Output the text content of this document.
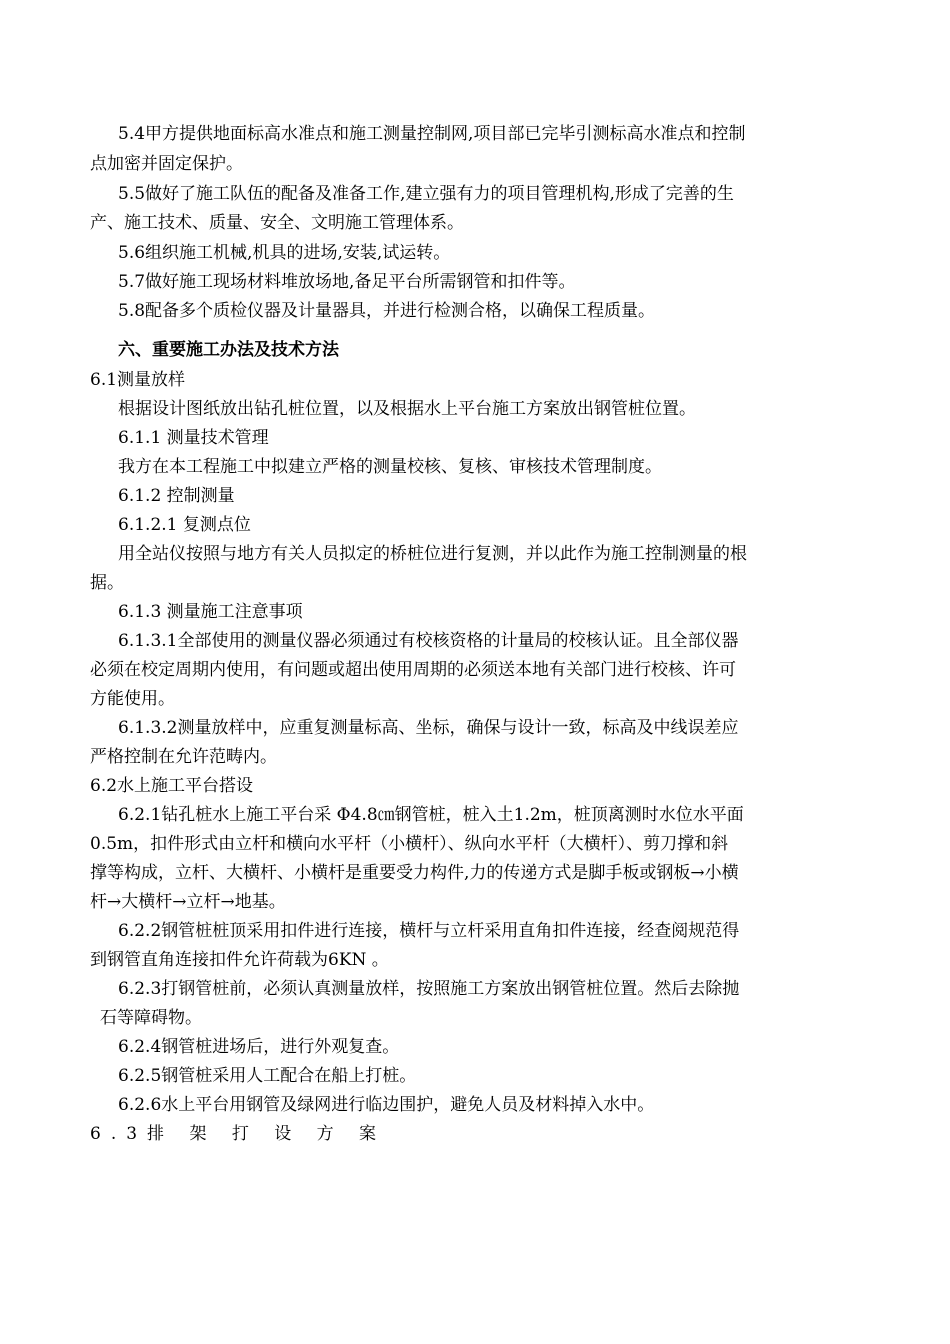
5.4甲方提供地面标高水准点和施工测量控制网,项目部已完毕引测标高水准点和控制
点加密并固定保护。
5.5做好了施工队伍的配备及准备工作,建立强有力的项目管理机构,形成了完善的生
产、施工技术、质量、安全、文明施工管理体系。
5.6组织施工机械,机具的进场,安装,试运转。
5.7做好施工现场材料堆放场地,备足平台所需钢管和扣件等。
5.8配备多个质检仪器及计量器具，并进行检测合格，以确保工程质量。
六、重要施工办法及技术方法
6.1测量放样
根据设计图纸放出钻孔桩位置，以及根据水上平台施工方案放出钢管桩位置。
6.1.1 测量技术管理
我方在本工程施工中拟建立严格的测量校核、复核、审核技术管理制度。
6.1.2 控制测量
6.1.2.1 复测点位
用全站仪按照与地方有关人员拟定的桥桩位进行复测，并以此作为施工控制测量的根
据。
6.1.3 测量施工注意事项
6.1.3.1全部使用的测量仪器必须通过有校核资格的计量局的校核认证。且全部仪器
必须在校定周期内使用，有问题或超出使用周期的必须送本地有关部门进行校核、许可
方能使用。
6.1.3.2测量放样中，应重复测量标高、坐标，确保与设计一致，标高及中线误差应
严格控制在允许范畴内。
6.2水上施工平台搭设
6.2.1钻孔桩水上施工平台采 Φ4.8㎝钢管桩，桩入土1.2m，桩顶离测时水位水平面
0.5m，扣件形式由立杆和横向水平杆（小横杆）、纵向水平杆（大横杆）、剪刀撑和斜
撑等构成，立杆、大横杆、小横杆是重要受力构件,力的传递方式是脚手板或钢板→小横
杆→大横杆→立杆→地基。
6.2.2钢管桩桩顶采用扣件进行连接，横杆与立杆采用直角扣件连接，经查阅规范得
到钢管直角连接扣件允许荷载为6KN 。
6.2.3打钢管桩前，必须认真测量放样，按照施工方案放出钢管桩位置。然后去除抛
石等障碍物。
6.2.4钢管桩进场后，进行外观复查。
6.2.5钢管桩采用人工配合在船上打桩。
6.2.6水上平台用钢管及绿网进行临边围护，避免人员及材料掉入水中。
6.3排 架 打 设 方 案
